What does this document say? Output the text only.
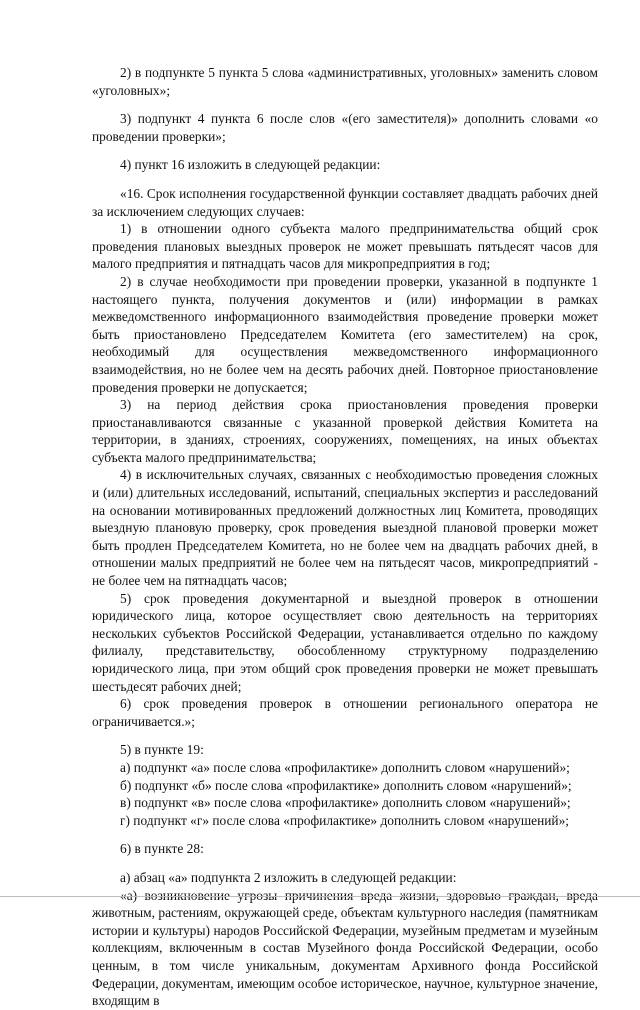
2) в подпункте 5 пункта 5 слова «административных, уголовных» заменить словом «уголовных»;

3) подпункт 4 пункта 6 после слов «(его заместителя)» дополнить словами «о проведении проверки»;

4) пункт 16 изложить в следующей редакции:

«16. Срок исполнения государственной функции составляет двадцать рабочих дней за исключением следующих случаев:

1) в отношении одного субъекта малого предпринимательства общий срок проведения плановых выездных проверок не может превышать пятьдесят часов для малого предприятия и пятнадцать часов для микропредприятия в год;

2) в случае необходимости при проведении проверки, указанной в подпункте 1 настоящего пункта, получения документов и (или) информации в рамках межведомственного информационного взаимодействия проведение проверки может быть приостановлено Председателем Комитета (его заместителем) на срок, необходимый для осуществления межведомственного информационного взаимодействия, но не более чем на десять рабочих дней. Повторное приостановление проведения проверки не допускается;

3) на период действия срока приостановления проведения проверки приостанавливаются связанные с указанной проверкой действия Комитета на территории, в зданиях, строениях, сооружениях, помещениях, на иных объектах субъекта малого предпринимательства;

4) в исключительных случаях, связанных с необходимостью проведения сложных и (или) длительных исследований, испытаний, специальных экспертиз и расследований на основании мотивированных предложений должностных лиц Комитета, проводящих выездную плановую проверку, срок проведения выездной плановой проверки может быть продлен Председателем Комитета, но не более чем на двадцать рабочих дней, в отношении малых предприятий не более чем на пятьдесят часов, микропредприятий - не более чем на пятнадцать часов;

5) срок проведения документарной и выездной проверок в отношении юридического лица, которое осуществляет свою деятельность на территориях нескольких субъектов Российской Федерации, устанавливается отдельно по каждому филиалу, представительству, обособленному структурному подразделению юридического лица, при этом общий срок проведения проверки не может превышать шестьдесят рабочих дней;

6) срок проведения проверок в отношении регионального оператора не ограничивается.»;

5) в пункте 19:

а) подпункт «а» после слова «профилактике» дополнить словом «нарушений»;

б) подпункт «б» после слова «профилактике» дополнить словом «нарушений»;

в) подпункт «в» после слова «профилактике» дополнить словом «нарушений»;

г) подпункт «г» после слова «профилактике» дополнить словом «нарушений»;

6) в пункте 28:

а) абзац «а» подпункта 2 изложить в следующей редакции:

животным, растениям, окружающей среде, объектам культурного наследия (памятникам истории и культуры) народов Российской Федерации, музейным предметам и музейным коллекциям, включенным в состав Музейного фонда Российской Федерации, особо ценным, в том числе уникальным, документам Архивного фонда Российской Федерации, документам, имеющим особое историческое, научное, культурное значение, входящим в
